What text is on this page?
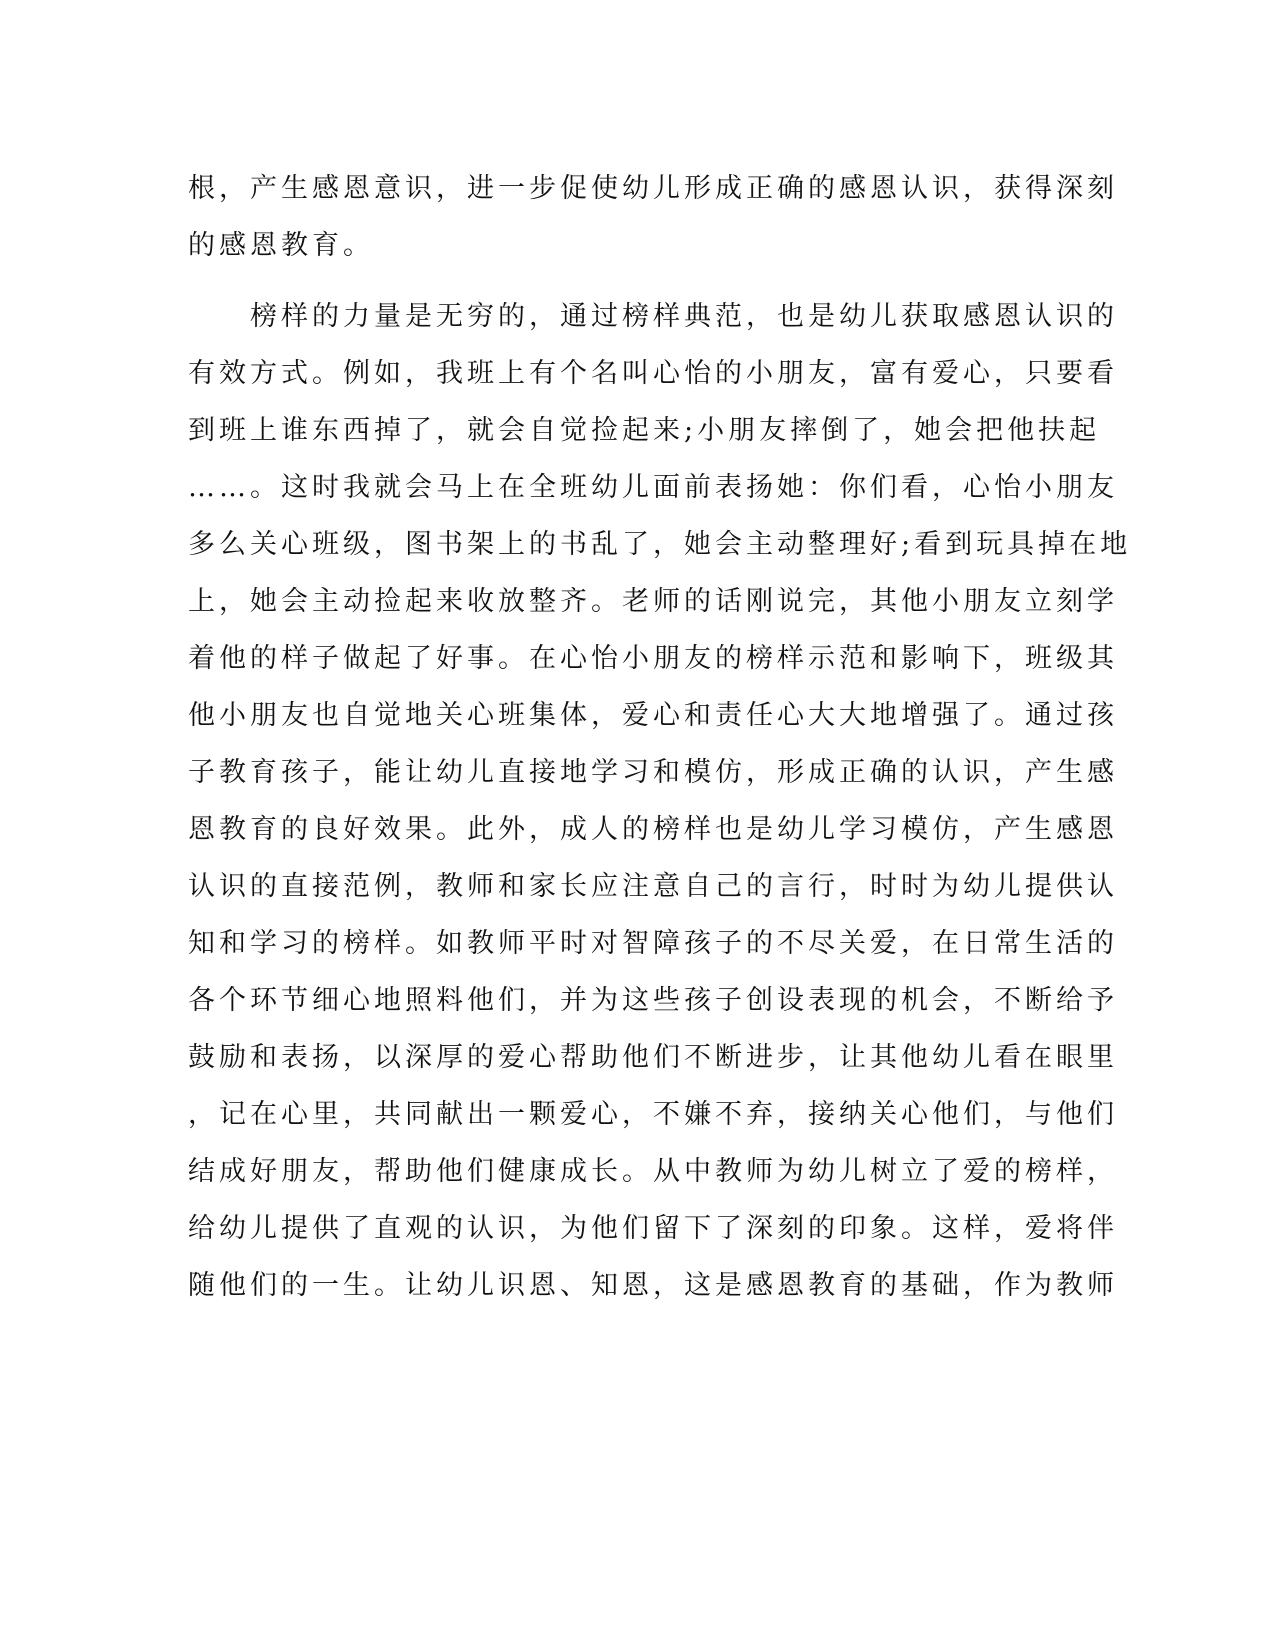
根，产生感恩意识，进一步促使幼儿形成正确的感恩认识，获得深刻
的感恩教育。
　　榜样的力量是无穷的，通过榜样典范，也是幼儿获取感恩认识的
有效方式。例如，我班上有个名叫心怡的小朋友，富有爱心，只要看
到班上谁东西掉了，就会自觉捡起来;小朋友摔倒了，她会把他扶起
……。这时我就会马上在全班幼儿面前表扬她：你们看，心怡小朋友
多么关心班级，图书架上的书乱了，她会主动整理好;看到玩具掉在地
上，她会主动捡起来收放整齐。老师的话刚说完，其他小朋友立刻学
着他的样子做起了好事。在心怡小朋友的榜样示范和影响下，班级其
他小朋友也自觉地关心班集体，爱心和责任心大大地增强了。通过孩
子教育孩子，能让幼儿直接地学习和模仿，形成正确的认识，产生感
恩教育的良好效果。此外，成人的榜样也是幼儿学习模仿，产生感恩
认识的直接范例，教师和家长应注意自己的言行，时时为幼儿提供认
知和学习的榜样。如教师平时对智障孩子的不尽关爱，在日常生活的
各个环节细心地照料他们，并为这些孩子创设表现的机会，不断给予
鼓励和表扬，以深厚的爱心帮助他们不断进步，让其他幼儿看在眼里
，记在心里，共同献出一颗爱心，不嫌不弃，接纳关心他们，与他们
结成好朋友，帮助他们健康成长。从中教师为幼儿树立了爱的榜样，
给幼儿提供了直观的认识，为他们留下了深刻的印象。这样，爱将伴
随他们的一生。让幼儿识恩、知恩，这是感恩教育的基础，作为教师
